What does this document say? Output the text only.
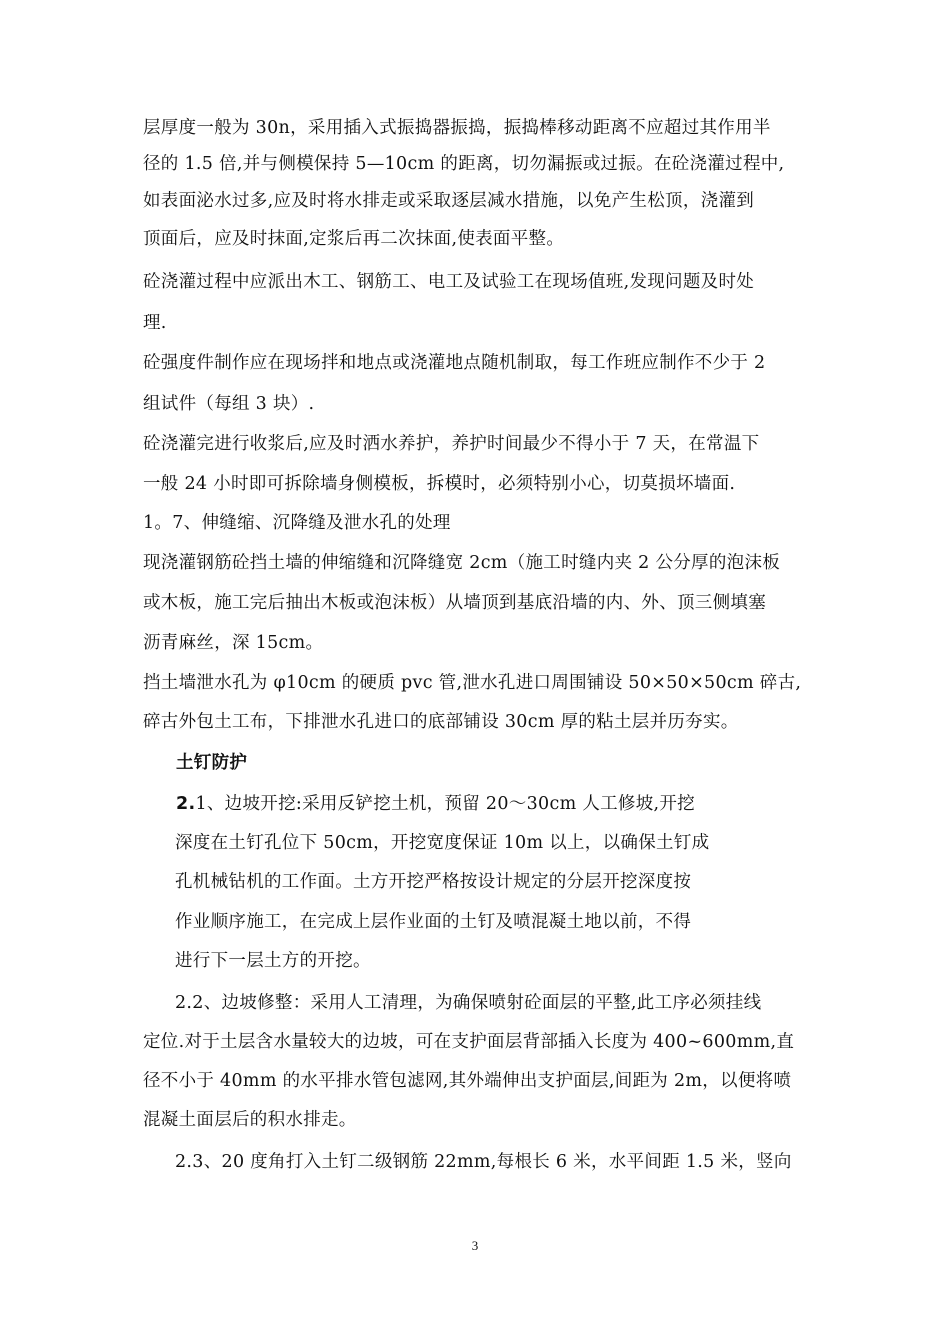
层厚度一般为 30n，采用插入式振捣器振捣，振捣棒移动距离不应超过其作用半
径的 1.5 倍,并与侧模保持 5—10cm 的距离，切勿漏振或过振。在砼浇灌过程中,
如表面泌水过多,应及时将水排走或采取逐层减水措施，以免产生松顶，浇灌到
顶面后，应及时抹面,定浆后再二次抹面,使表面平整。
砼浇灌过程中应派出木工、钢筋工、电工及试验工在现场值班,发现问题及时处
理.
砼强度件制作应在现场拌和地点或浇灌地点随机制取，每工作班应制作不少于 2
组试件（每组 3 块）.
砼浇灌完进行收浆后,应及时洒水养护，养护时间最少不得小于 7 天，在常温下
一般 24 小时即可拆除墙身侧模板，拆模时，必须特别小心，切莫损坏墙面.
1。7、伸缝缩、沉降缝及泄水孔的处理
现浇灌钢筋砼挡土墙的伸缩缝和沉降缝宽 2cm（施工时缝内夹 2 公分厚的泡沫板
或木板，施工完后抽出木板或泡沫板）从墙顶到基底沿墙的内、外、顶三侧填塞
沥青麻丝，深 15cm。
挡土墙泄水孔为 φ10cm 的硬质 pvc 管,泄水孔进口周围铺设 50×50×50cm 碎古,
碎古外包土工布，下排泄水孔进口的底部铺设 30cm 厚的粘土层并历夯实。
土钉防护
2.1、边坡开挖:采用反铲挖土机，预留 20～30cm 人工修坡,开挖
深度在土钉孔位下 50cm，开挖宽度保证 10m 以上，以确保土钉成
孔机械钻机的工作面。土方开挖严格按设计规定的分层开挖深度按
作业顺序施工，在完成上层作业面的土钉及喷混凝土地以前，不得
进行下一层土方的开挖。
2.2、边坡修整：采用人工清理，为确保喷射砼面层的平整,此工序必须挂线
定位.对于土层含水量较大的边坡，可在支护面层背部插入长度为 400~600mm,直
径不小于 40mm 的水平排水管包滤网,其外端伸出支护面层,间距为 2m，以便将喷
混凝土面层后的积水排走。
2.3、20 度角打入土钉二级钢筋 22mm,每根长 6 米，水平间距 1.5 米，竖向
3
